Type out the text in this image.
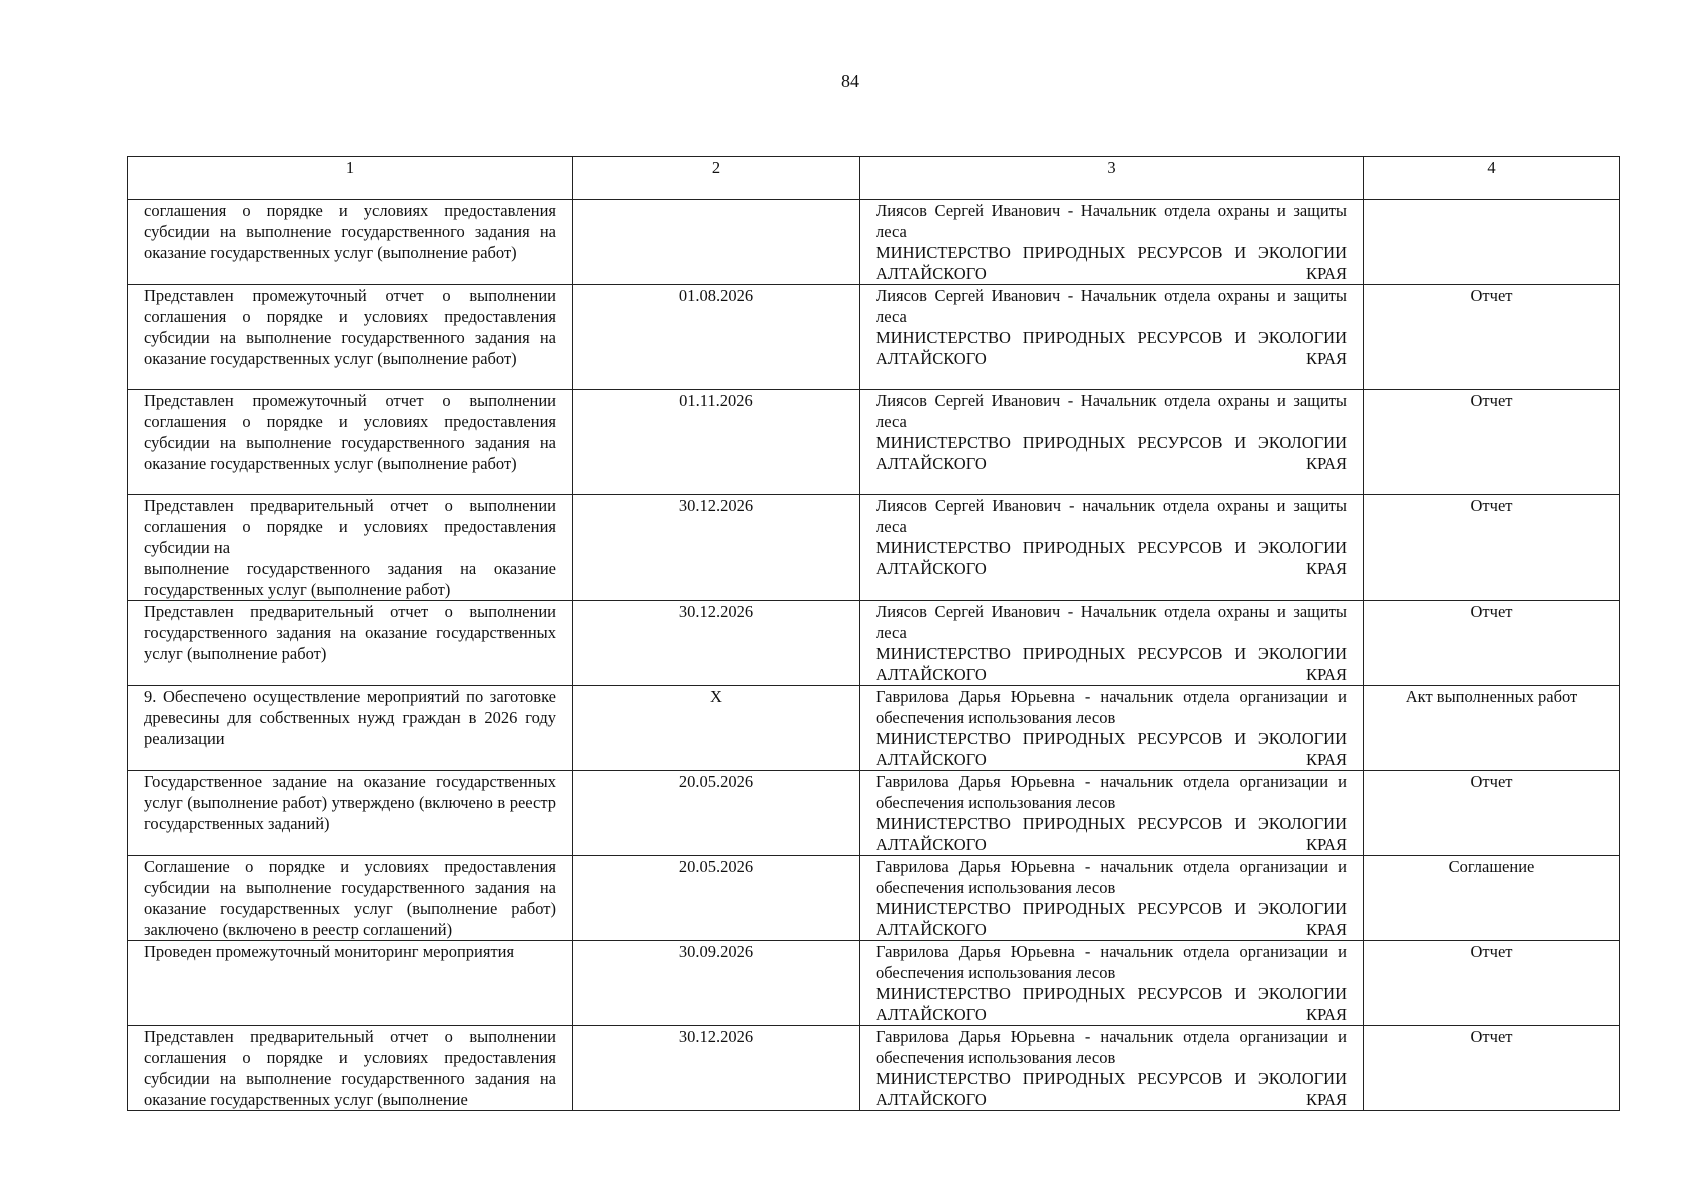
84
1	2	3	4
соглашения о порядке и условиях предоставления субсидии на выполнение государственного задания на оказание государственных услуг (выполнение работ)		Лиясов Сергей Иванович - Начальник отдела охраны и защиты леса
МИНИСТЕРСТВО ПРИРОДНЫХ РЕСУРСОВ И ЭКОЛОГИИ АЛТАЙСКОГО КРАЯ	

Представлен промежуточный отчет о выполнении соглашения о порядке и условиях предоставления субсидии на выполнение государственного задания на оказание государственных услуг (выполнение работ)	01.08.2026	Лиясов Сергей Иванович - Начальник отдела охраны и защиты леса
МИНИСТЕРСТВО ПРИРОДНЫХ РЕСУРСОВ И ЭКОЛОГИИ АЛТАЙСКОГО КРАЯ	Отчет
Представлен промежуточный отчет о выполнении соглашения о порядке и условиях предоставления субсидии на выполнение государственного задания на оказание государственных услуг (выполнение работ)	01.11.2026	Лиясов Сергей Иванович - Начальник отдела охраны и защиты леса
МИНИСТЕРСТВО ПРИРОДНЫХ РЕСУРСОВ И ЭКОЛОГИИ АЛТАЙСКОГО КРАЯ	Отчет

Представлен предварительный отчет о выполнении соглашения о порядке и условиях предоставления субсидии на
выполнение государственного задания на оказание государственных услуг (выполнение работ)	30.12.2026	Лиясов Сергей Иванович - начальник отдела охраны и защиты леса
МИНИСТЕРСТВО ПРИРОДНЫХ РЕСУРСОВ И ЭКОЛОГИИ АЛТАЙСКОГО КРАЯ	Отчет
Представлен предварительный отчет о выполнении государственного задания на оказание государственных услуг (выполнение работ)	30.12.2026	Лиясов Сергей Иванович - Начальник отдела охраны и защиты леса
МИНИСТЕРСТВО ПРИРОДНЫХ РЕСУРСОВ И ЭКОЛОГИИ АЛТАЙСКОГО КРАЯ	Отчет
9. Обеспечено осуществление мероприятий по заготовке древесины для собственных нужд граждан в 2026 году реализации	X	Гаврилова Дарья Юрьевна - начальник отдела организации и обеспечения использования лесов
МИНИСТЕРСТВО ПРИРОДНЫХ РЕСУРСОВ И ЭКОЛОГИИ АЛТАЙСКОГО КРАЯ	Акт выполненных работ
Государственное задание на оказание государственных услуг (выполнение работ) утверждено (включено в реестр государственных заданий)	20.05.2026	Гаврилова Дарья Юрьевна - начальник отдела организации и обеспечения использования лесов
МИНИСТЕРСТВО ПРИРОДНЫХ РЕСУРСОВ И ЭКОЛОГИИ АЛТАЙСКОГО КРАЯ	Отчет
Соглашение о порядке и условиях предоставления субсидии на выполнение государственного задания на оказание государственных услуг (выполнение работ) заключено (включено в реестр соглашений)	20.05.2026	Гаврилова Дарья Юрьевна - начальник отдела организации и обеспечения использования лесов
МИНИСТЕРСТВО ПРИРОДНЫХ РЕСУРСОВ И ЭКОЛОГИИ АЛТАЙСКОГО КРАЯ	Соглашение
Проведен промежуточный мониторинг мероприятия	30.09.2026	Гаврилова Дарья Юрьевна - начальник отдела организации и обеспечения использования лесов
МИНИСТЕРСТВО ПРИРОДНЫХ РЕСУРСОВ И ЭКОЛОГИИ АЛТАЙСКОГО КРАЯ	Отчет
Представлен предварительный отчет о выполнении соглашения о порядке и условиях предоставления субсидии на выполнение государственного задания на оказание государственных услуг (выполнение	30.12.2026	Гаврилова Дарья Юрьевна - начальник отдела организации и обеспечения использования лесов
МИНИСТЕРСТВО ПРИРОДНЫХ РЕСУРСОВ И ЭКОЛОГИИ АЛТАЙСКОГО КРАЯ	Отчет
